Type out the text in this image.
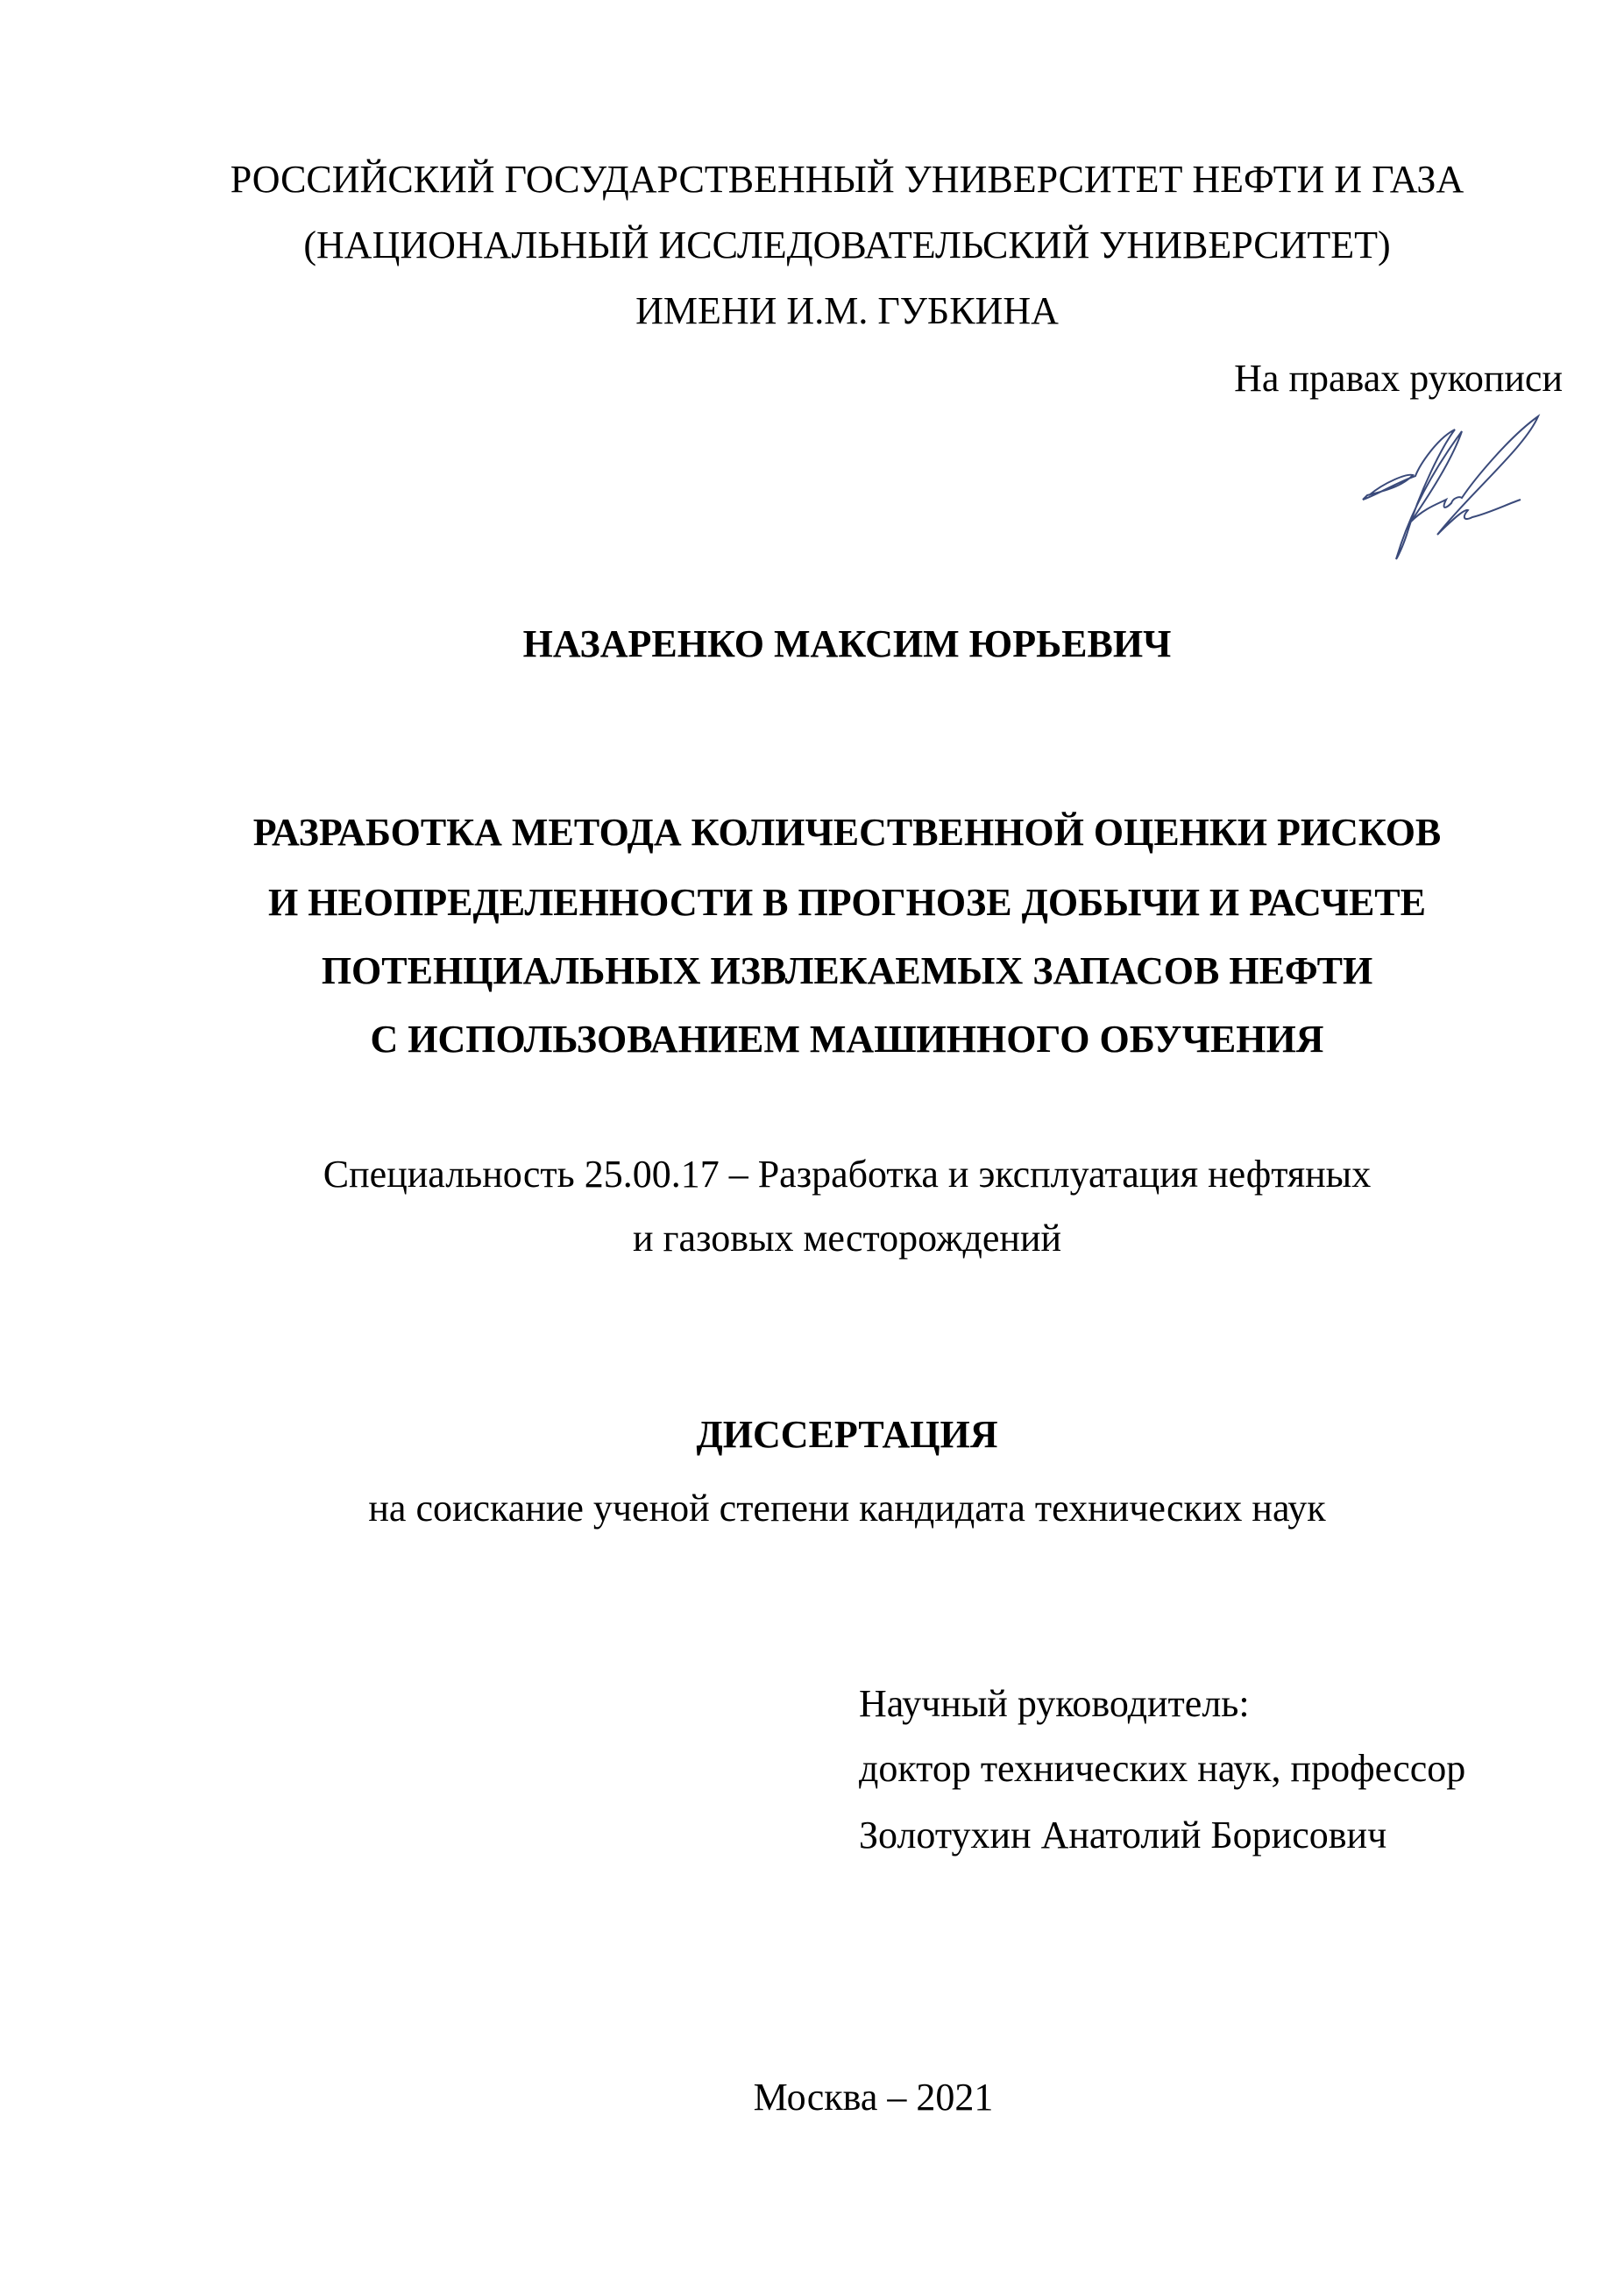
РОССИЙСКИЙ ГОСУДАРСТВЕННЫЙ УНИВЕРСИТЕТ НЕФТИ И ГАЗА
(НАЦИОНАЛЬНЫЙ ИССЛЕДОВАТЕЛЬСКИЙ УНИВЕРСИТЕТ)
ИМЕНИ И.М. ГУБКИНА
На правах рукописи
НАЗАРЕНКО МАКСИМ ЮРЬЕВИЧ
РАЗРАБОТКА МЕТОДА КОЛИЧЕСТВЕННОЙ ОЦЕНКИ РИСКОВ
И НЕОПРЕДЕЛЕННОСТИ В ПРОГНОЗЕ ДОБЫЧИ И РАСЧЕТЕ
ПОТЕНЦИАЛЬНЫХ ИЗВЛЕКАЕМЫХ ЗАПАСОВ НЕФТИ
С ИСПОЛЬЗОВАНИЕМ МАШИННОГО ОБУЧЕНИЯ
Специальность 25.00.17 – Разработка и эксплуатация нефтяных
и газовых месторождений
ДИССЕРТАЦИЯ
на соискание ученой степени кандидата технических наук
Научный руководитель:
доктор технических наук, профессор
Золотухин Анатолий Борисович
Москва – 2021
